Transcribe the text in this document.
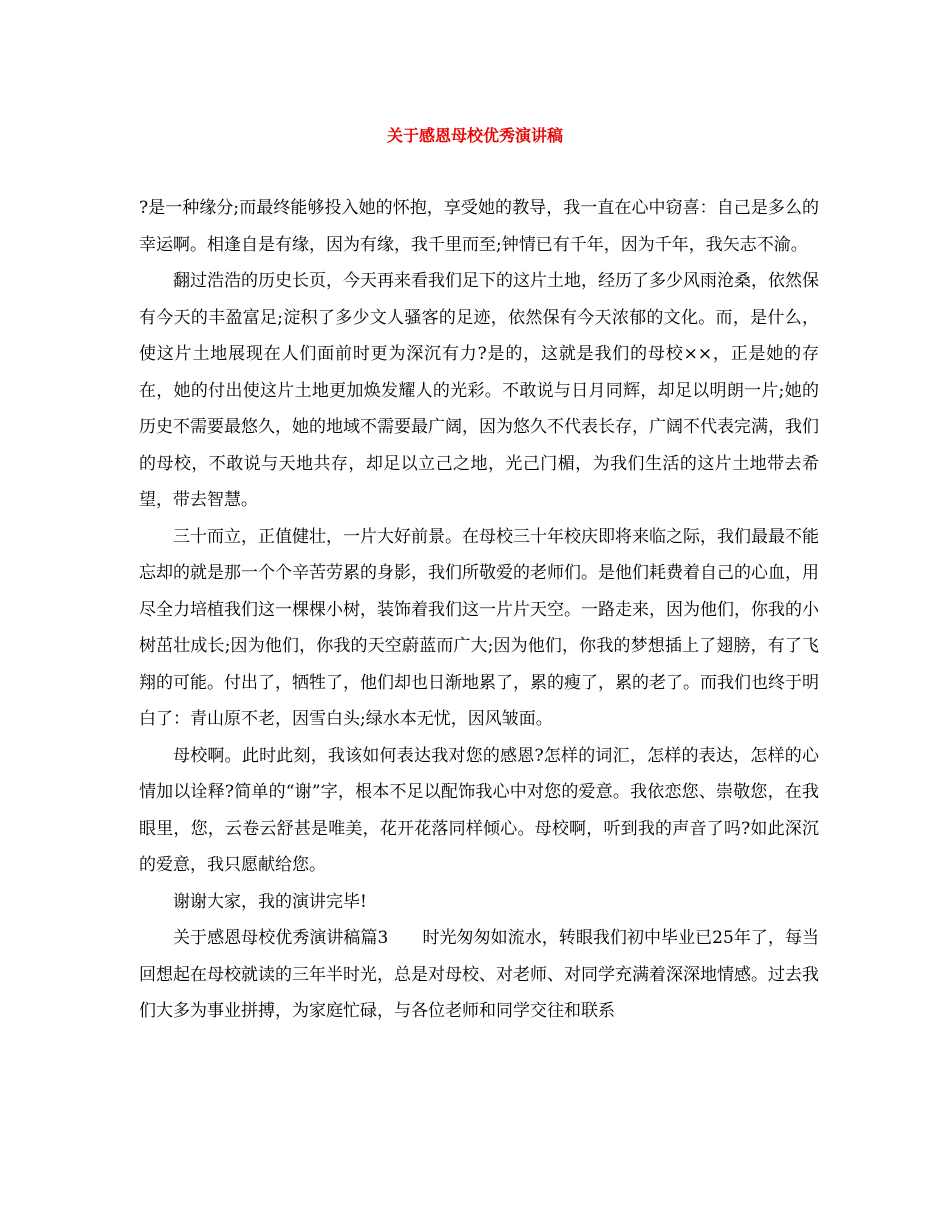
关于感恩母校优秀演讲稿

?是一种缘分;而最终能够投入她的怀抱，享受她的教导，我一直在心中窃喜：自己是多么的幸运啊。相逢自是有缘，因为有缘，我千里而至;钟情已有千年，因为千年，我矢志不渝。

翻过浩浩的历史长页，今天再来看我们足下的这片土地，经历了多少风雨沧桑，依然保有今天的丰盈富足;淀积了多少文人骚客的足迹，依然保有今天浓郁的文化。而，是什么，使这片土地展现在人们面前时更为深沉有力?是的，这就是我们的母校××，正是她的存在，她的付出使这片土地更加焕发耀人的光彩。不敢说与日月同辉，却足以明朗一片;她的历史不需要最悠久，她的地域不需要最广阔，因为悠久不代表长存，广阔不代表完满，我们的母校，不敢说与天地共存，却足以立己之地，光己门楣，为我们生活的这片土地带去希望，带去智慧。

三十而立，正值健壮，一片大好前景。在母校三十年校庆即将来临之际，我们最最不能忘却的就是那一个个辛苦劳累的身影，我们所敬爱的老师们。是他们耗费着自己的心血，用尽全力培植我们这一棵棵小树，装饰着我们这一片片天空。一路走来，因为他们，你我的小树茁壮成长;因为他们，你我的天空蔚蓝而广大;因为他们，你我的梦想插上了翅膀，有了飞翔的可能。付出了，牺牲了，他们却也日渐地累了，累的瘦了，累的老了。而我们也终于明白了：青山原不老，因雪白头;绿水本无忧，因风皱面。

母校啊。此时此刻，我该如何表达我对您的感恩?怎样的词汇，怎样的表达，怎样的心情加以诠释?简单的“谢”字，根本不足以配饰我心中对您的爱意。我依恋您、崇敬您，在我眼里，您，云卷云舒甚是唯美，花开花落同样倾心。母校啊，听到我的声音了吗?如此深沉的爱意，我只愿献给您。

谢谢大家，我的演讲完毕!

关于感恩母校优秀演讲稿篇3　　时光匆匆如流水，转眼我们初中毕业已25年了，每当回想起在母校就读的三年半时光，总是对母校、对老师、对同学充满着深深地情感。过去我们大多为事业拼搏，为家庭忙碌，与各位老师和同学交往和联系
